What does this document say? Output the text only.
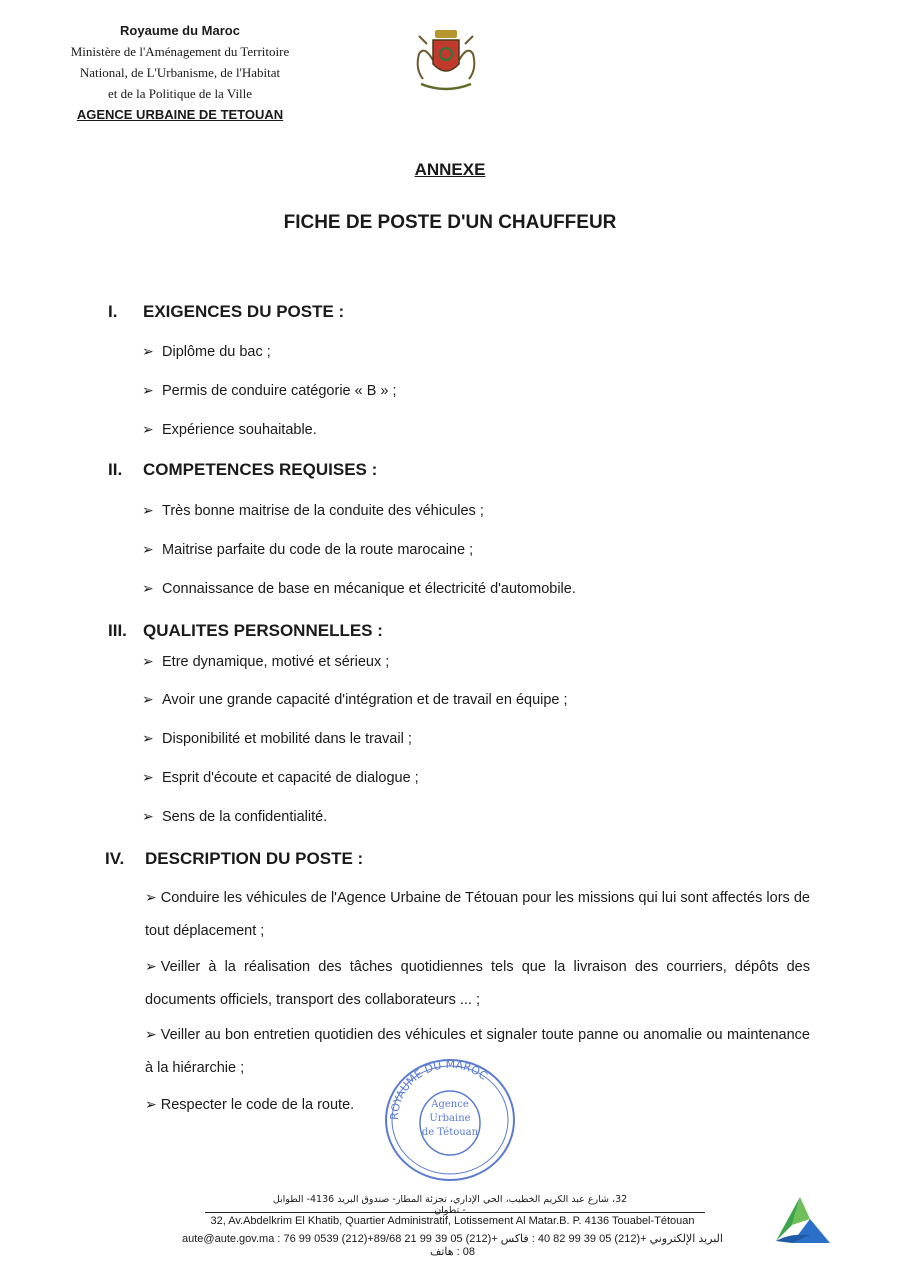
Royaume du Maroc
Ministère de l'Aménagement du Territoire
National, de L'Urbanisme, de l'Habitat
et de la Politique de la Ville
AGENCE URBAINE DE TETOUAN
ANNEXE
FICHE DE POSTE D'UN CHAUFFEUR
I. EXIGENCES DU POSTE :
➢ Diplôme du bac ;
➢ Permis de conduire catégorie « B » ;
➢ Expérience souhaitable.
II. COMPETENCES REQUISES :
➢ Très bonne maitrise de la conduite des véhicules ;
➢ Maitrise parfaite du code de la route marocaine ;
➢ Connaissance de base en mécanique et électricité d'automobile.
III. QUALITES PERSONNELLES :
➢ Etre dynamique, motivé et sérieux ;
➢ Avoir une grande capacité d'intégration et de travail en équipe ;
➢ Disponibilité et mobilité dans le travail ;
➢ Esprit d'écoute et capacité de dialogue ;
➢ Sens de la confidentialité.
IV. DESCRIPTION DU POSTE :
➢ Conduire les véhicules de l'Agence Urbaine de Tétouan pour les missions qui lui sont affectés lors de tout déplacement ;
➢ Veiller à la réalisation des tâches quotidiennes tels que la livraison des courriers, dépôts des documents officiels, transport des collaborateurs ... ;
➢ Veiller au bon entretien quotidien des véhicules et signaler toute panne ou anomalie ou maintenance à la hiérarchie ;
➢ Respecter le code de la route.
ROYAUME DU MAROC
Agence
Urbaine
de Tétouan
32، شارع عبد الكريم الخطيب، الحي الإداري، تجزئة المطار- صندوق البريد 4136- الطوابل - تطوان
32, Av.Abdelkrim El Khatib, Quartier Administratif, Lotissement Al Matar.B. P. 4136 Touabel-Tétouan
aute@aute.gov.ma : البريد الإلكتروني +(212) 05 39 99 82 40 : فاكس +(212) 05 39 99 21 89/68+(212) 0539 99 76 08 : هاتف
